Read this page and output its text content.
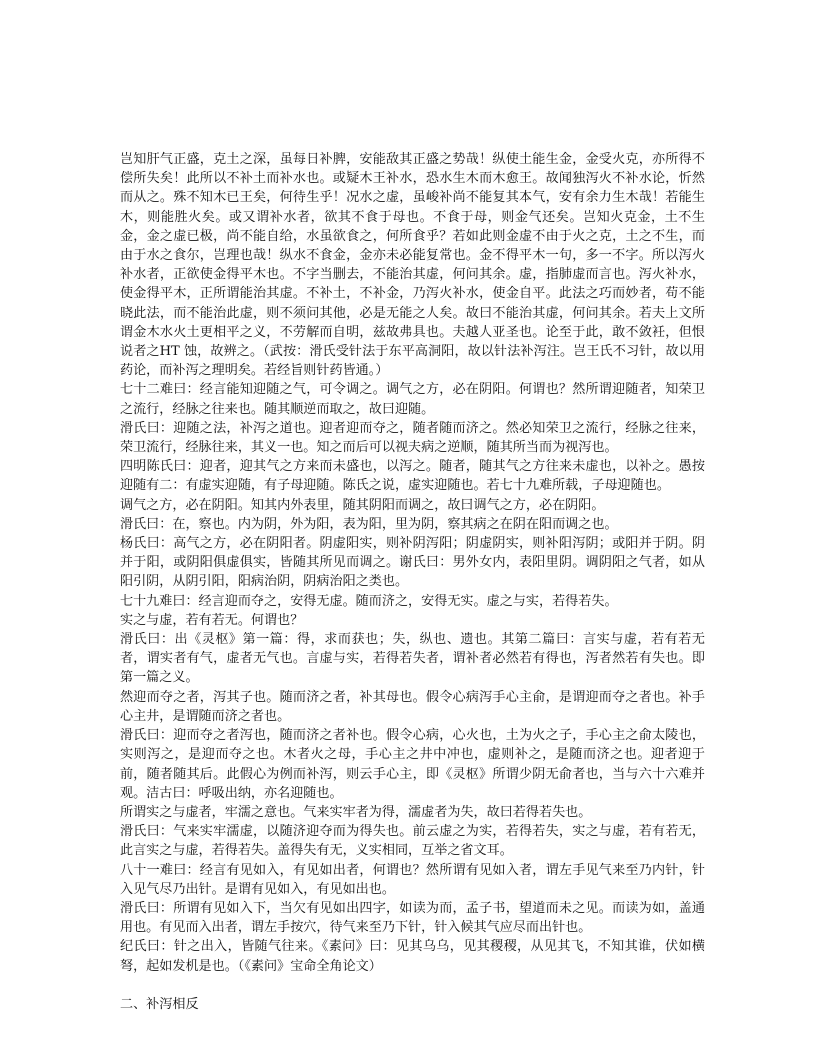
岂知肝气正盛，克土之深，虽每日补脾，安能敌其正盛之势哉！纵使土能生金，金受火克，亦所得不偿所失矣！此所以不补土而补水也。或疑木王补水，恐水生木而木愈王。故闻独泻火不补水论，忻然而从之。殊不知木已王矣，何待生乎！况水之虚，虽峻补尚不能复其本气，安有余力生木哉！若能生木，则能胜火矣。或又谓补水者，欲其不食于母也。不食于母，则金气还矣。岂知火克金，土不生金，金之虚已极，尚不能自给，水虽欲食之，何所食乎？若如此则金虚不由于火之克，土之不生，而由于水之食尔，岂理也哉！纵水不食金，金亦未必能复常也。金不得平木一句，多一不字。所以泻火补水者，正欲使金得平木也。不字当删去，不能治其虚，何问其余。虚，指肺虚而言也。泻火补水，使金得平木，正所谓能治其虚。不补土，不补金，乃泻火补水，使金自平。此法之巧而妙者，苟不能晓此法，而不能治此虚，则不须问其他，必是无能之人矣。故曰不能治其虚，何问其余。若夫上文所谓金木水火土更相平之义，不劳解而自明，兹故弗具也。夫越人亚圣也。论至于此，敢不敛衽，但恨说者之HT 蚀，故辨之。（武按：滑氏受针法于东平高洞阳，故以针法补泻注。岂王氏不习针，故以用药论，而补泻之理明矣。若经旨则针药皆通。）

七十二难曰：经言能知迎随之气，可令调之。调气之方，必在阴阳。何谓也？然所谓迎随者，知荣卫之流行，经脉之往来也。随其顺逆而取之，故曰迎随。

滑氏曰：迎随之法，补泻之道也。迎者迎而夺之，随者随而济之。然必知荣卫之流行，经脉之往来，荣卫流行，经脉往来，其义一也。知之而后可以视夫病之逆顺，随其所当而为视泻也。

四明陈氏曰：迎者，迎其气之方来而未盛也，以泻之。随者，随其气之方往来未虚也，以补之。愚按迎随有二：有虚实迎随，有子母迎随。陈氏之说，虚实迎随也。若七十九难所载，子母迎随也。

调气之方，必在阴阳。知其内外表里，随其阴阳而调之，故曰调气之方，必在阴阳。

滑氏曰：在，察也。内为阴，外为阳，表为阳，里为阴，察其病之在阴在阳而调之也。

杨氏曰：高气之方，必在阴阳者。阴虚阳实，则补阴泻阳；阴虚阴实，则补阳泻阴；或阳并于阴。阴并于阳，或阴阳俱虚俱实，皆随其所见而调之。谢氏曰：男外女内，表阳里阴。调阴阳之气者，如从阳引阴，从阴引阳，阳病治阴，阴病治阳之类也。

七十九难曰：经言迎而夺之，安得无虚。随而济之，安得无实。虚之与实，若得若失。

实之与虚，若有若无。何谓也？

滑氏曰：出《灵枢》第一篇：得，求而获也；失，纵也、遗也。其第二篇曰：言实与虚，若有若无者，谓实者有气，虚者无气也。言虚与实，若得若失者，谓补者必然若有得也，泻者然若有失也。即第一篇之义。

然迎而夺之者，泻其子也。随而济之者，补其母也。假令心病泻手心主俞，是谓迎而夺之者也。补手心主井，是谓随而济之者也。

滑氏曰：迎而夺之者泻也，随而济之者补也。假令心病，心火也，土为火之子，手心主之俞太陵也，实则泻之，是迎而夺之也。木者火之母，手心主之井中冲也，虚则补之，是随而济之也。迎者迎于前，随者随其后。此假心为例而补泻，则云手心主，即《灵枢》所谓少阴无俞者也，当与六十六难并观。洁古曰：呼吸出纳，亦名迎随也。

所谓实之与虚者，牢濡之意也。气来实牢者为得，濡虚者为失，故曰若得若失也。

滑氏曰：气来实牢濡虚，以随济迎夺而为得失也。前云虚之为实，若得若失，实之与虚，若有若无，此言实之与虚，若得若失。盖得失有无，义实相同，互举之省文耳。

八十一难曰：经言有见如入，有见如出者，何谓也？然所谓有见如入者，谓左手见气来至乃内针，针入见气尽乃出针。是谓有见如入，有见如出也。

滑氏曰：所谓有见如入下，当欠有见如出四字，如读为而，孟子书，望道而未之见。而读为如，盖通用也。有见而入出者，谓左手按穴，待气来至乃下针，针入候其气应尽而出针也。

纪氏曰：针之出入，皆随气往来。《素问》曰：见其乌乌，见其稷稷，从见其飞，不知其谁，伏如横弩，起如发机是也。（《素问》宝命全角论文）

二、补泻相反
